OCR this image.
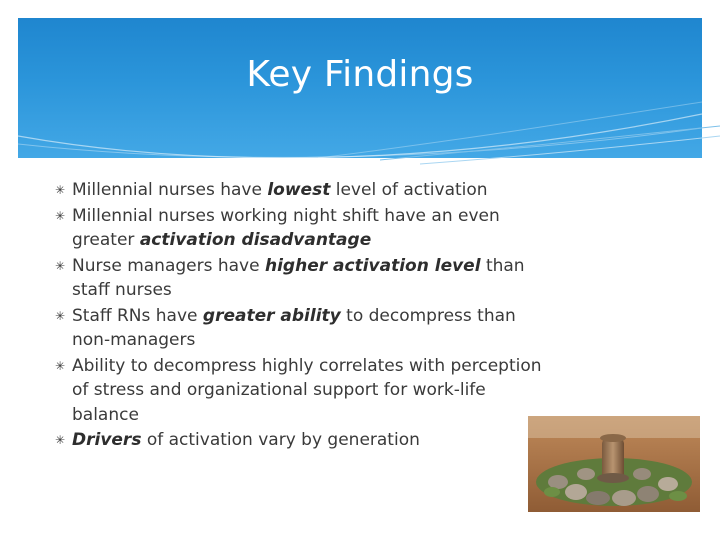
Key Findings
✳ Millennial nurses have lowest level of activation
✳ Millennial nurses working night shift have an even greater activation disadvantage
✳ Nurse managers have higher activation level than staff nurses
✳ Staff RNs have greater ability to decompress than non-managers
✳ Ability to decompress highly correlates with perception of stress and organizational support for work-life balance
✳ Drivers of activation vary by generation
